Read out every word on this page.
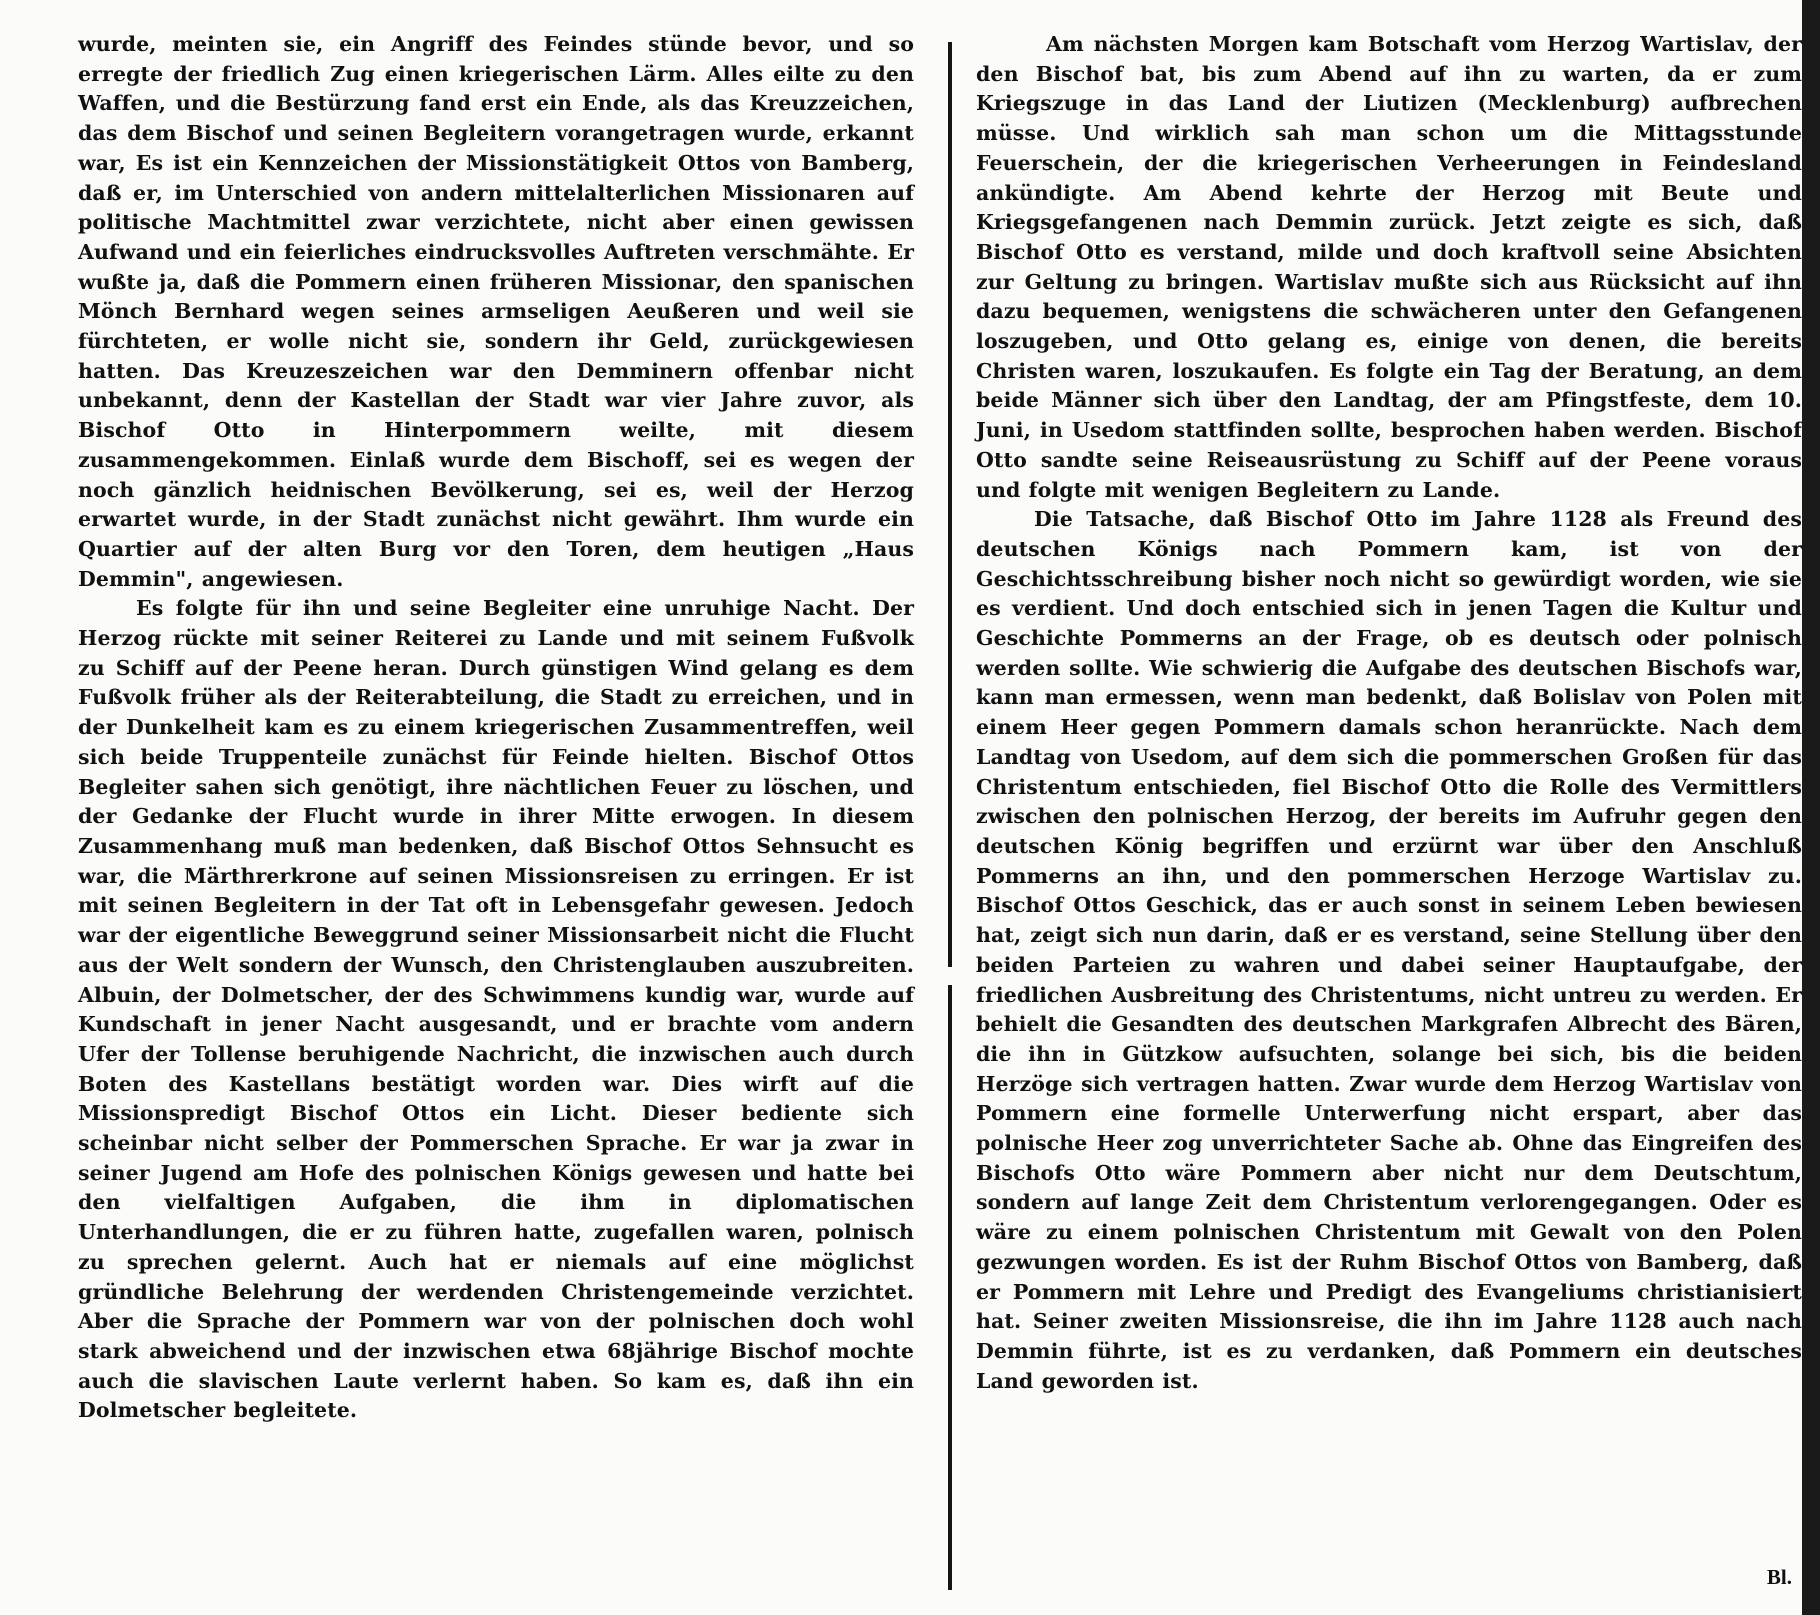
wurde, meinten sie, ein Angriff des Feindes stünde bevor, und so erregte der friedlich Zug einen kriegerischen Lärm. Alles eilte zu den Waffen, und die Bestürzung fand erst ein Ende, als das Kreuzzeichen, das dem Bischof und seinen Begleitern vorangetragen wurde, erkannt war, Es ist ein Kennzeichen der Missionstätigkeit Ottos von Bamberg, daß er, im Unterschied von andern mittelalterlichen Missionaren auf politische Machtmittel zwar verzichtete, nicht aber einen gewissen Aufwand und ein feierliches eindrucksvolles Auftreten verschmähte. Er wußte ja, daß die Pommern einen früheren Missionar, den spanischen Mönch Bernhard wegen seines armseligen Aeußeren und weil sie fürchteten, er wolle nicht sie, sondern ihr Geld, zurückgewiesen hatten. Das Kreuzeszeichen war den Demminern offenbar nicht unbekannt, denn der Kastellan der Stadt war vier Jahre zuvor, als Bischof Otto in Hinterpommern weilte, mit diesem zusammengekommen. Einlaß wurde dem Bischoff, sei es wegen der noch gänzlich heidnischen Bevölkerung, sei es, weil der Herzog erwartet wurde, in der Stadt zunächst nicht gewährt. Ihm wurde ein Quartier auf der alten Burg vor den Toren, dem heutigen „Haus Demmin", angewiesen.

Es folgte für ihn und seine Begleiter eine unruhige Nacht. Der Herzog rückte mit seiner Reiterei zu Lande und mit seinem Fußvolk zu Schiff auf der Peene heran. Durch günstigen Wind gelang es dem Fußvolk früher als der Reiterabteilung, die Stadt zu erreichen, und in der Dunkelheit kam es zu einem kriegerischen Zusammentreffen, weil sich beide Truppenteile zunächst für Feinde hielten. Bischof Ottos Begleiter sahen sich genötigt, ihre nächtlichen Feuer zu löschen, und der Gedanke der Flucht wurde in ihrer Mitte erwogen. In diesem Zusammenhang muß man bedenken, daß Bischof Ottos Sehnsucht es war, die Märthrerkrone auf seinen Missionsreisen zu erringen. Er ist mit seinen Begleitern in der Tat oft in Lebensgefahr gewesen. Jedoch war der eigentliche Beweggrund seiner Missionsarbeit nicht die Flucht aus der Welt sondern der Wunsch, den Christenglauben auszubreiten. Albuin, der Dolmetscher, der des Schwimmens kundig war, wurde auf Kundschaft in jener Nacht ausgesandt, und er brachte vom andern Ufer der Tollense beruhigende Nachricht, die inzwischen auch durch Boten des Kastellans bestätigt worden war. Dies wirft auf die Missionspredigt Bischof Ottos ein Licht. Dieser bediente sich scheinbar nicht selber der Pommerschen Sprache. Er war ja zwar in seiner Jugend am Hofe des polnischen Königs gewesen und hatte bei den vielfaltigen Aufgaben, die ihm in diplomatischen Unterhandlungen, die er zu führen hatte, zugefallen waren, polnisch zu sprechen gelernt. Auch hat er niemals auf eine möglichst gründliche Belehrung der werdenden Christengemeinde verzichtet. Aber die Sprache der Pommern war von der polnischen doch wohl stark abweichend und der inzwischen etwa 68jährige Bischof mochte auch die slavischen Laute verlernt haben. So kam es, daß ihn ein Dolmetscher begleitete.

Am nächsten Morgen kam Botschaft vom Herzog Wartislav, der den Bischof bat, bis zum Abend auf ihn zu warten, da er zum Kriegszuge in das Land der Liutizen (Mecklenburg) aufbrechen müsse. Und wirklich sah man schon um die Mittagsstunde Feuerschein, der die kriegerischen Verheerungen in Feindesland ankündigte. Am Abend kehrte der Herzog mit Beute und Kriegsgefangenen nach Demmin zurück. Jetzt zeigte es sich, daß Bischof Otto es verstand, milde und doch kraftvoll seine Absichten zur Geltung zu bringen. Wartislav mußte sich aus Rücksicht auf ihn dazu bequemen, wenigstens die schwächeren unter den Gefangenen loszugeben, und Otto gelang es, einige von denen, die bereits Christen waren, loszukaufen. Es folgte ein Tag der Beratung, an dem beide Männer sich über den Landtag, der am Pfingstfeste, dem 10. Juni, in Usedom stattfinden sollte, besprochen haben werden. Bischof Otto sandte seine Reiseausrüstung zu Schiff auf der Peene voraus und folgte mit wenigen Begleitern zu Lande.

Die Tatsache, daß Bischof Otto im Jahre 1128 als Freund des deutschen Königs nach Pommern kam, ist von der Geschichtsschreibung bisher noch nicht so gewürdigt worden, wie sie es verdient. Und doch entschied sich in jenen Tagen die Kultur und Geschichte Pommerns an der Frage, ob es deutsch oder polnisch werden sollte. Wie schwierig die Aufgabe des deutschen Bischofs war, kann man ermessen, wenn man bedenkt, daß Bolislav von Polen mit einem Heer gegen Pommern damals schon heranrückte. Nach dem Landtag von Usedom, auf dem sich die pommerschen Großen für das Christentum entschieden, fiel Bischof Otto die Rolle des Vermittlers zwischen den polnischen Herzog, der bereits im Aufruhr gegen den deutschen König begriffen und erzürnt war über den Anschluß Pommerns an ihn, und den pommerschen Herzoge Wartislav zu. Bischof Ottos Geschick, das er auch sonst in seinem Leben bewiesen hat, zeigt sich nun darin, daß er es verstand, seine Stellung über den beiden Parteien zu wahren und dabei seiner Hauptaufgabe, der friedlichen Ausbreitung des Christentums, nicht untreu zu werden. Er behielt die Gesandten des deutschen Markgrafen Albrecht des Bären, die ihn in Gützkow aufsuchten, solange bei sich, bis die beiden Herzöge sich vertragen hatten. Zwar wurde dem Herzog Wartislav von Pommern eine formelle Unterwerfung nicht erspart, aber das polnische Heer zog unverrichteter Sache ab. Ohne das Eingreifen des Bischofs Otto wäre Pommern aber nicht nur dem Deutschtum, sondern auf lange Zeit dem Christentum verlorengegangen. Oder es wäre zu einem polnischen Christentum mit Gewalt von den Polen gezwungen worden. Es ist der Ruhm Bischof Ottos von Bamberg, daß er Pommern mit Lehre und Predigt des Evangeliums christianisiert hat. Seiner zweiten Missionsreise, die ihn im Jahre 1128 auch nach Demmin führte, ist es zu verdanken, daß Pommern ein deutsches Land geworden ist.

Bl.
